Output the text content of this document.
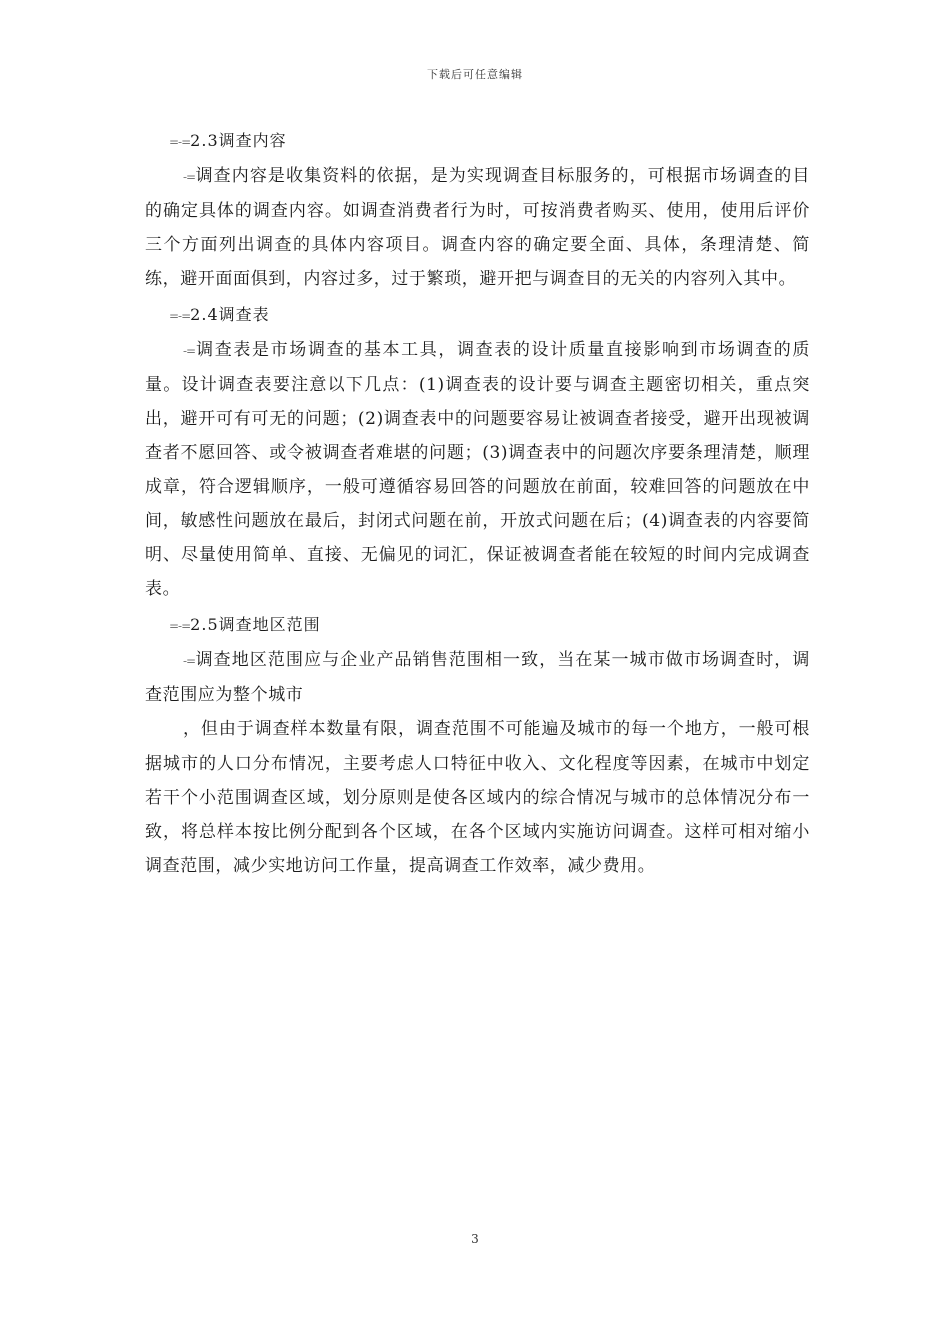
下载后可任意编辑
=-=2.3调查内容

-=调查内容是收集资料的依据，是为实现调查目标服务的，可根据市场调查的目的确定具体的调查内容。如调查消费者行为时，可按消费者购买、使用，使用后评价三个方面列出调查的具体内容项目。调查内容的确定要全面、具体，条理清楚、简练，避开面面俱到，内容过多，过于繁琐，避开把与调查目的无关的内容列入其中。

=-=2.4调查表

-=调查表是市场调查的基本工具，调查表的设计质量直接影响到市场调查的质量。设计调查表要注意以下几点：(1)调查表的设计要与调查主题密切相关，重点突出，避开可有可无的问题；(2)调查表中的问题要容易让被调查者接受，避开出现被调查者不愿回答、或令被调查者难堪的问题；(3)调查表中的问题次序要条理清楚，顺理成章，符合逻辑顺序，一般可遵循容易回答的问题放在前面，较难回答的问题放在中间，敏感性问题放在最后，封闭式问题在前，开放式问题在后；(4)调查表的内容要简明、尽量使用简单、直接、无偏见的词汇，保证被调查者能在较短的时间内完成调查表。

=-=2.5调查地区范围

-=调查地区范围应与企业产品销售范围相一致，当在某一城市做市场调查时，调查范围应为整个城市

，但由于调查样本数量有限，调查范围不可能遍及城市的每一个地方，一般可根据城市的人口分布情况，主要考虑人口特征中收入、文化程度等因素，在城市中划定若干个小范围调查区域，划分原则是使各区域内的综合情况与城市的总体情况分布一致，将总样本按比例分配到各个区域，在各个区域内实施访问调查。这样可相对缩小调查范围，减少实地访问工作量，提高调查工作效率，减少费用。

3
